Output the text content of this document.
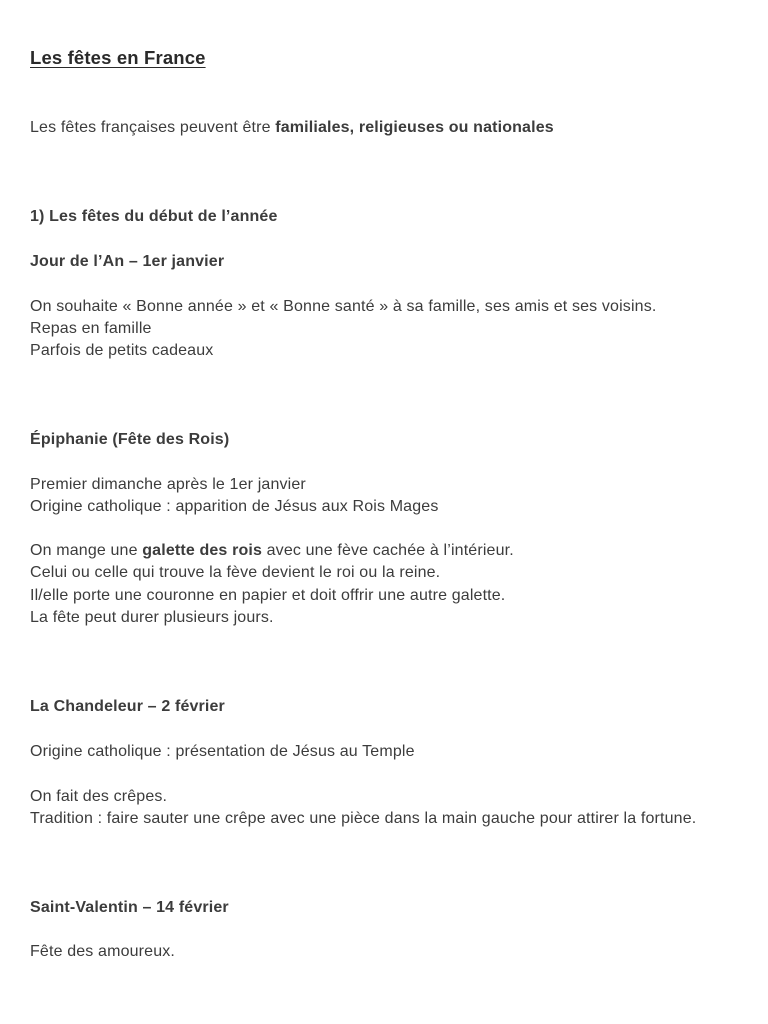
Les fêtes en France
Les fêtes françaises peuvent être familiales, religieuses ou nationales
1) Les fêtes du début de l’année
Jour de l’An – 1er janvier
On souhaite « Bonne année » et « Bonne santé » à sa famille, ses amis et ses voisins.
Repas en famille
Parfois de petits cadeaux
Épiphanie (Fête des Rois)
Premier dimanche après le 1er janvier
Origine catholique : apparition de Jésus aux Rois Mages
On mange une galette des rois avec une fève cachée à l’intérieur.
Celui ou celle qui trouve la fève devient le roi ou la reine.
Il/elle porte une couronne en papier et doit offrir une autre galette.
La fête peut durer plusieurs jours.
La Chandeleur – 2 février
Origine catholique : présentation de Jésus au Temple
On fait des crêpes.
Tradition : faire sauter une crêpe avec une pièce dans la main gauche pour attirer la fortune.
Saint-Valentin – 14 février
Fête des amoureux.
